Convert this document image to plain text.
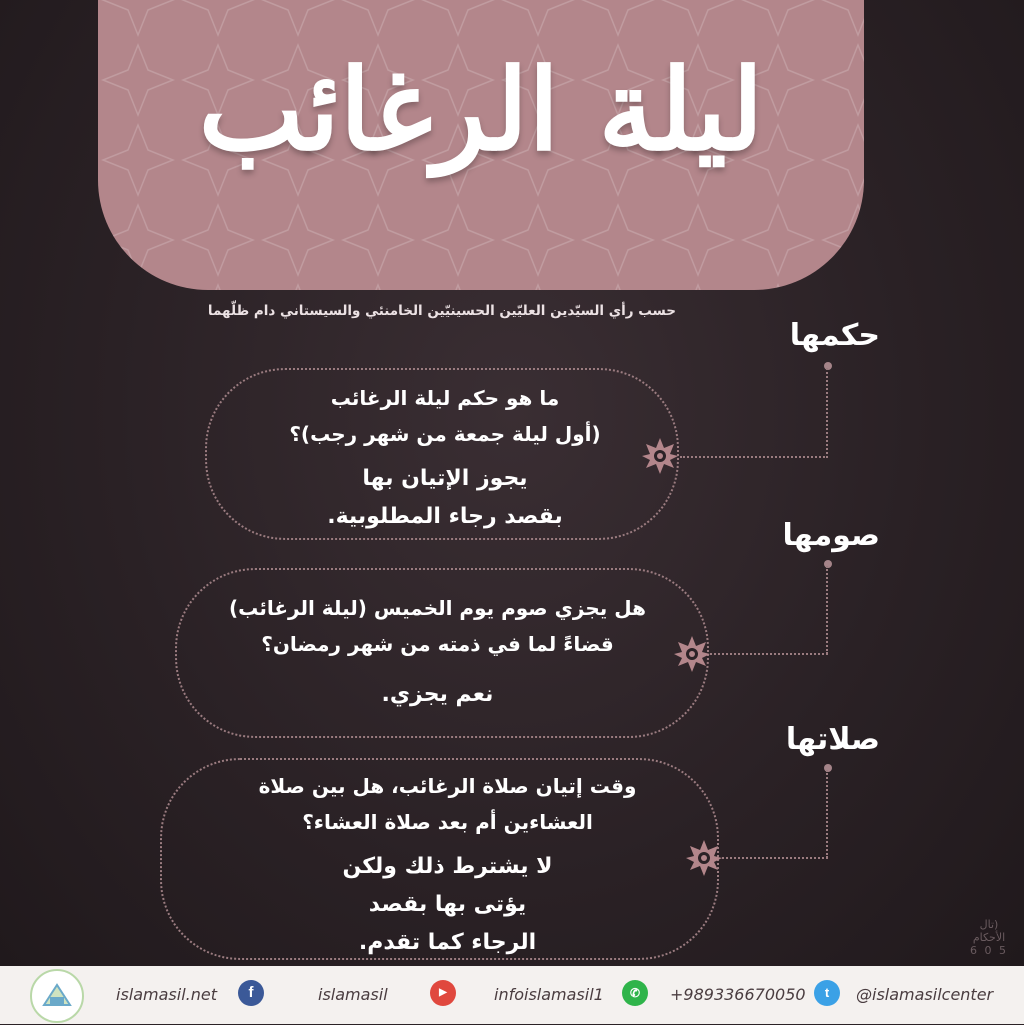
ليلة الرغائب
حسب رأي السيّدين العليّين الحسينيّين الخامنئي والسيستاني دام ظلّهما
حكمها
ما هو حكم ليلة الرغائب
(أول ليلة جمعة من شهر رجب)؟
يجوز الإتيان بها
بقصد رجاء المطلوبية.
صومها
هل يجزي صوم يوم الخميس (ليلة الرغائب)
قضاءً لما في ذمته من شهر رمضان؟
نعم يجزي.
صلاتها
وقت إتيان صلاة الرغائب، هل بين صلاة
العشاءين أم بعد صلاة العشاء؟
لا يشترط ذلك ولكن
يؤتى بها بقصد
الرجاء كما تقدم.
(تال
الأحكام
5 0 6
islamasil.net	f	islamasil	▶	infoislamasil1	✆	+989336670050	t	@islamasilcenter
